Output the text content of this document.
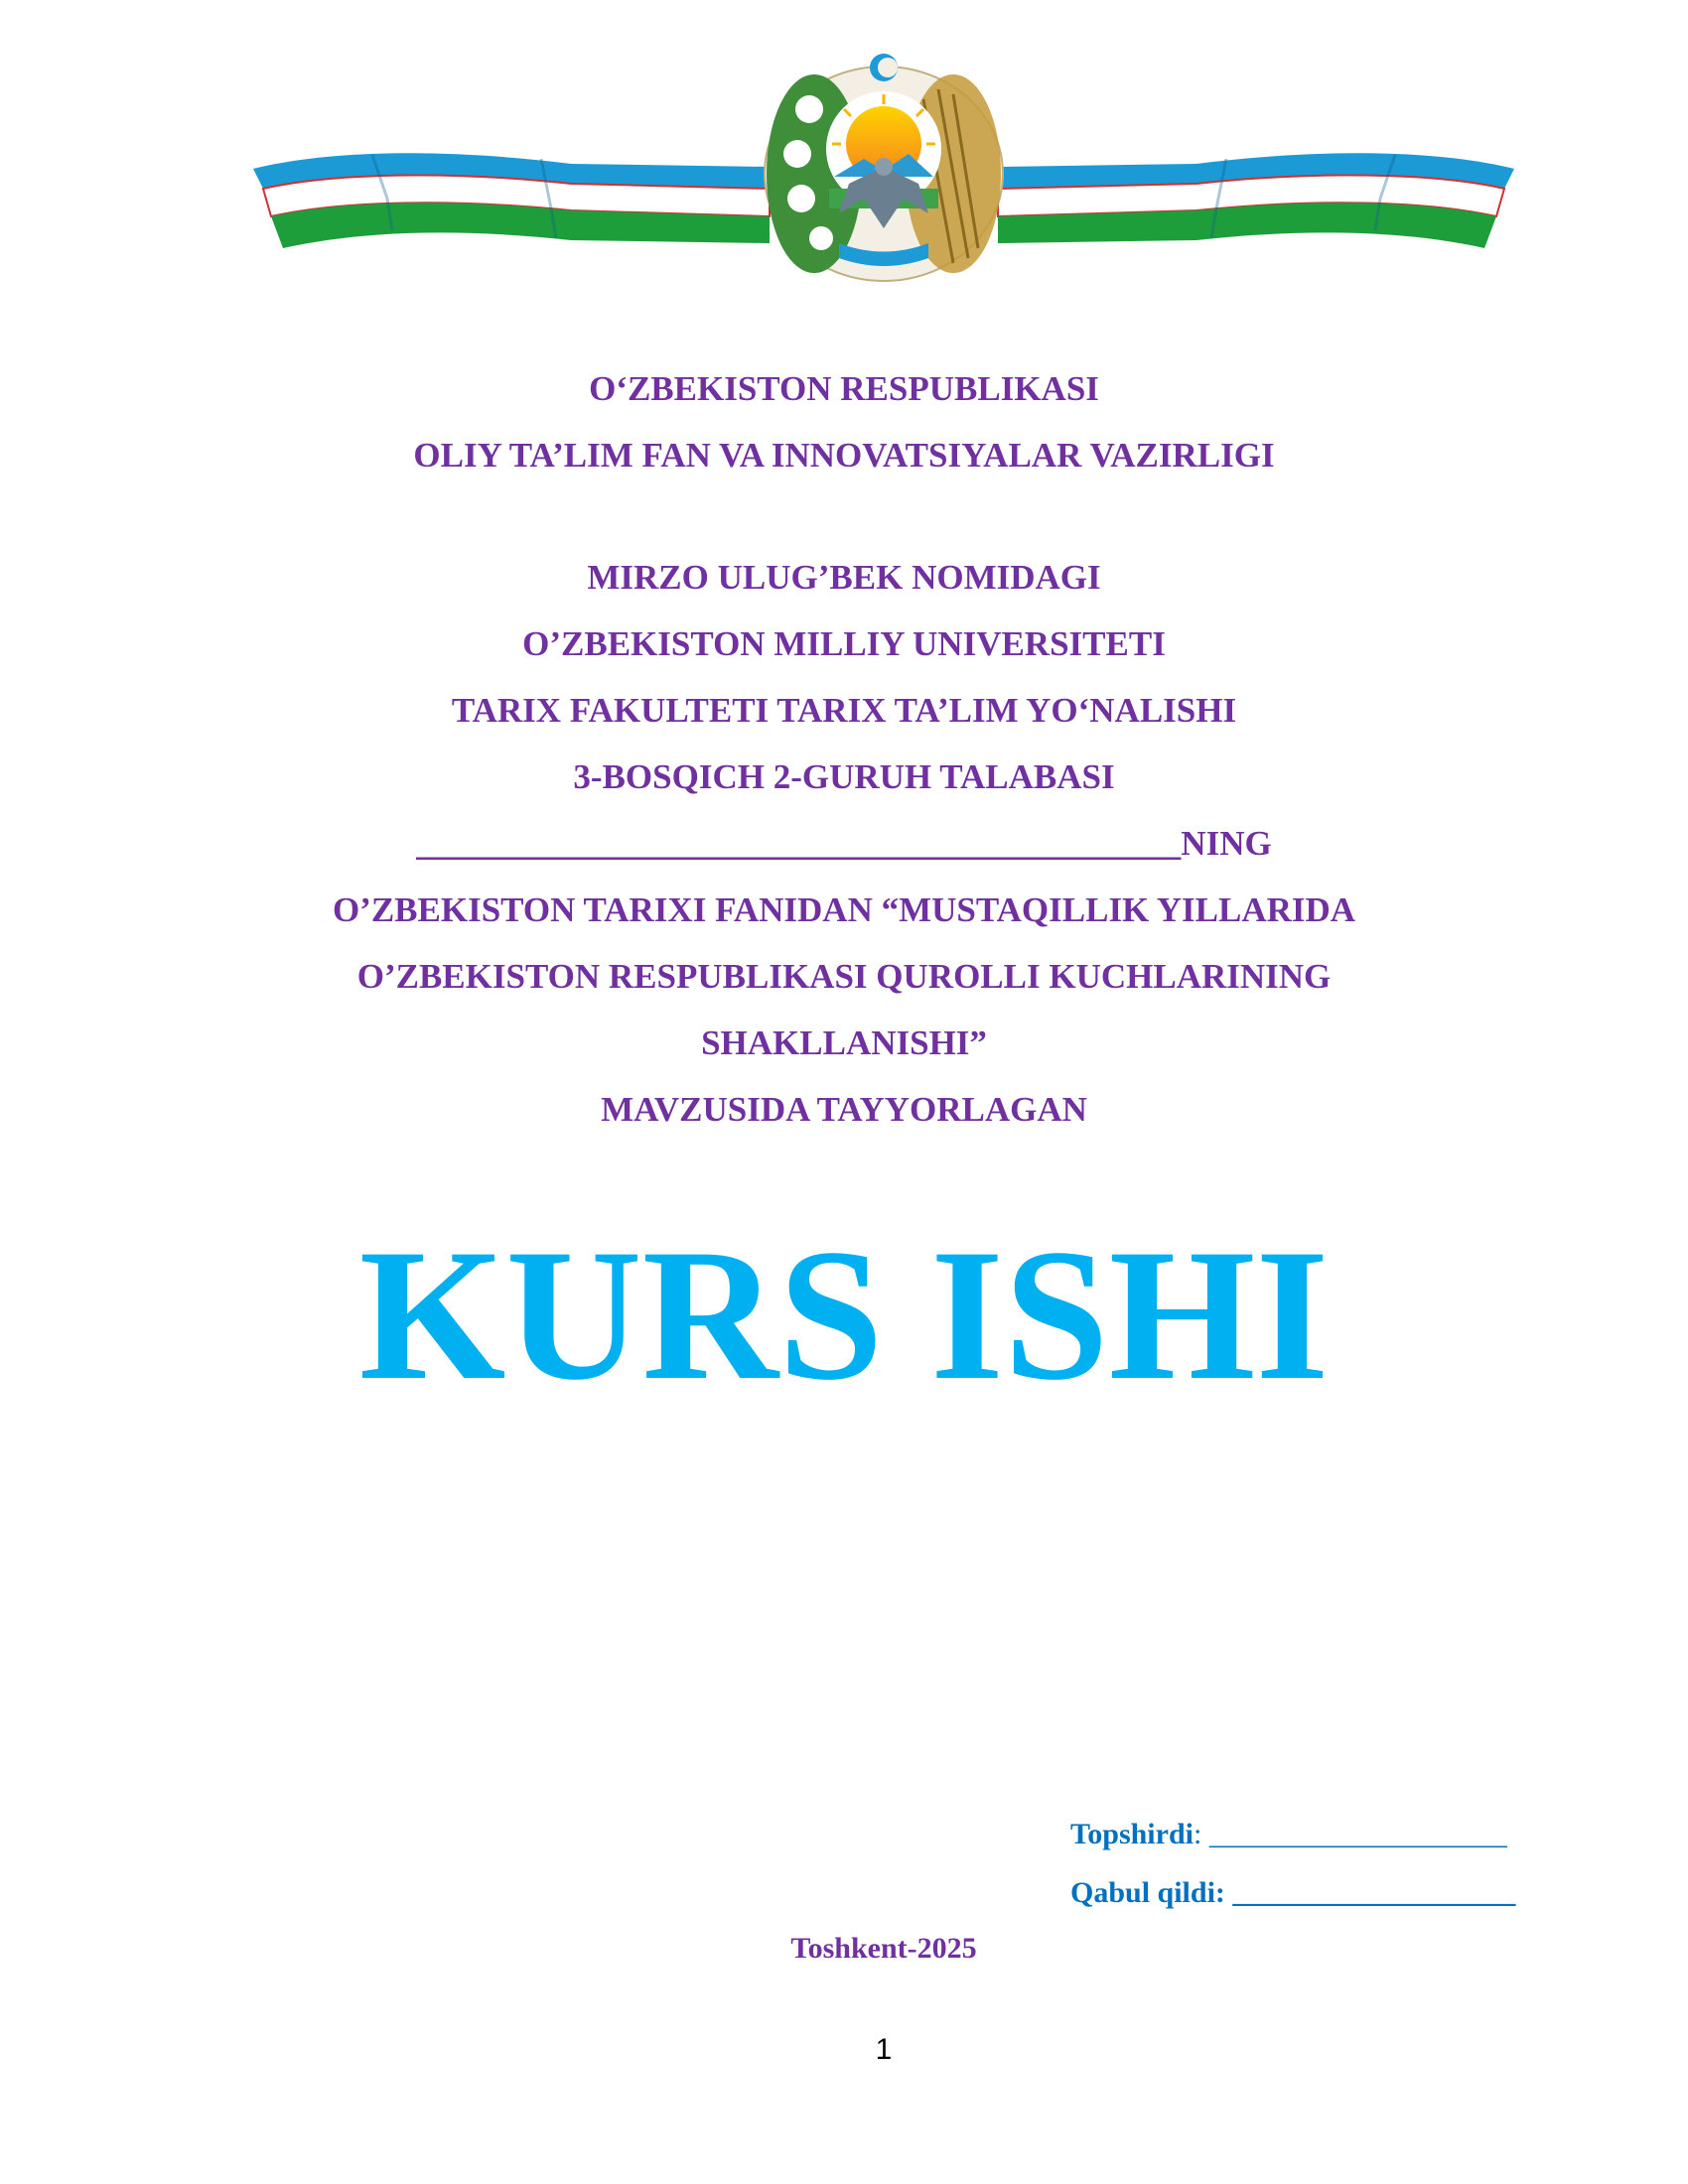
O‘ZBEKISTON RESPUBLIKASI
OLIY TA’LIM FAN VA INNOVATSIYALAR VAZIRLIGI
MIRZO ULUG’BEK NOMIDAGI
O’ZBEKISTON MILLIY UNIVERSITETI
TARIX FAKULTETI TARIX TA’LIM YO‘NALISHI
3-BOSQICH 2-GURUH TALABASI
____________________________________________NING
O’ZBEKISTON TARIXI FANIDAN “MUSTAQILLIK YILLARIDA
O’ZBEKISTON RESPUBLIKASI QUROLLI KUCHLARINING
SHAKLLANISHI”
MAVZUSIDA TAYYORLAGAN
KURS ISHI
Topshirdi: ____________________
Qabul qildi: ___________________
Toshkent-2025
1
